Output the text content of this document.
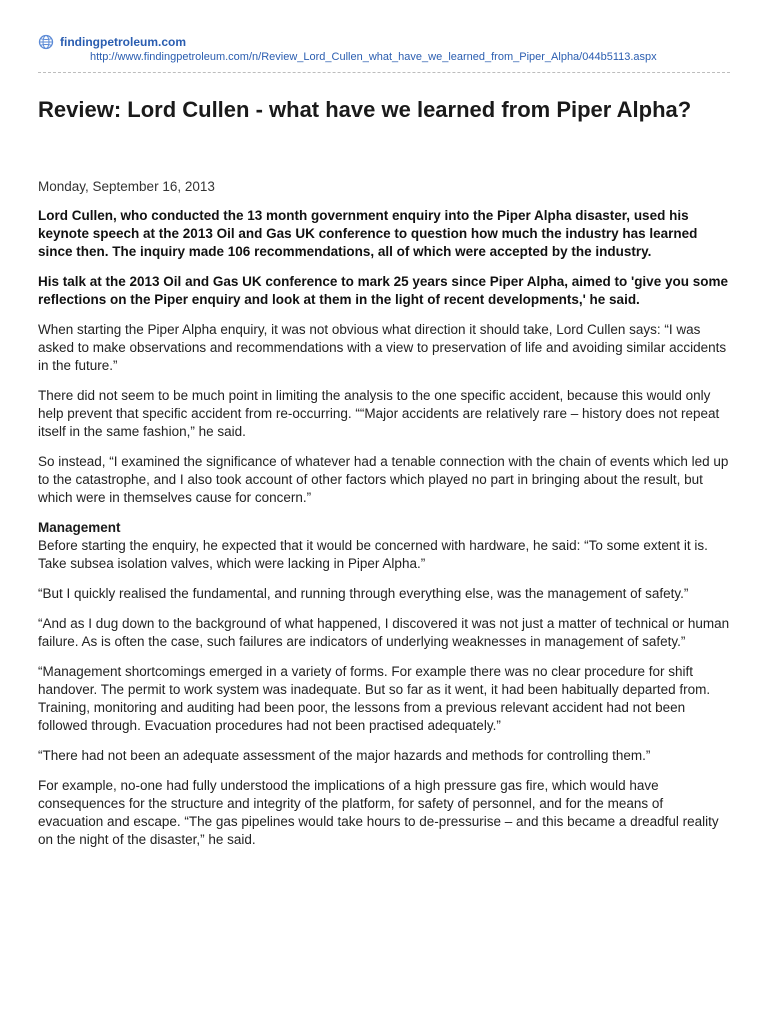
findingpetroleum.com
http://www.findingpetroleum.com/n/Review_Lord_Cullen_what_have_we_learned_from_Piper_Alpha/044b5113.aspx
Review: Lord Cullen - what have we learned from Piper Alpha?
Monday, September 16, 2013

Lord Cullen, who conducted the 13 month government enquiry into the Piper Alpha disaster, used his keynote speech at the 2013 Oil and Gas UK conference to question how much the industry has learned since then. The inquiry made 106 recommendations, all of which were accepted by the industry.

His talk at the 2013 Oil and Gas UK conference to mark 25 years since Piper Alpha, aimed to 'give you some reflections on the Piper enquiry and look at them in the light of recent developments,' he said.

When starting the Piper Alpha enquiry, it was not obvious what direction it should take, Lord Cullen says: “I was asked to make observations and recommendations with a view to preservation of life and avoiding similar accidents in the future.”

There did not seem to be much point in limiting the analysis to the one specific accident, because this would only help prevent that specific accident from re-occurring. ““Major accidents are relatively rare – history does not repeat itself in the same fashion,” he said.

So instead, “I examined the significance of whatever had a tenable connection with the chain of events which led up to the catastrophe, and I also took account of other factors which played no part in bringing about the result, but which were in themselves cause for concern.”

Management

Before starting the enquiry, he expected that it would be concerned with hardware, he said: “To some extent it is. Take subsea isolation valves, which were lacking in Piper Alpha.”

“But I quickly realised the fundamental, and running through everything else, was the management of safety.”

“And as I dug down to the background of what happened, I discovered it was not just a matter of technical or human failure. As is often the case, such failures are indicators of underlying weaknesses in management of safety.”

“Management shortcomings emerged in a variety of forms. For example there was no clear procedure for shift handover. The permit to work system was inadequate. But so far as it went, it had been habitually departed from. Training, monitoring and auditing had been poor, the lessons from a previous relevant accident had not been followed through. Evacuation procedures had not been practised adequately.”

“There had not been an adequate assessment of the major hazards and methods for controlling them.”

For example, no-one had fully understood the implications of a high pressure gas fire, which would have consequences for the structure and integrity of the platform, for safety of personnel, and for the means of evacuation and escape. “The gas pipelines would take hours to de-pressurise – and this became a dreadful reality on the night of the disaster,” he said.
